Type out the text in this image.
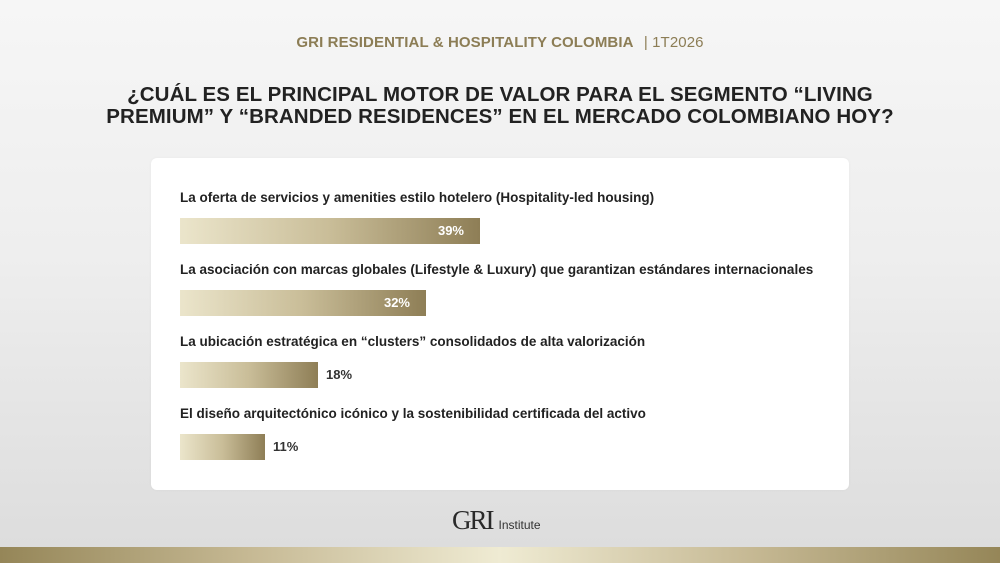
GRI RESIDENTIAL & HOSPITALITY COLOMBIA | 1T2026
¿CUÁL ES EL PRINCIPAL MOTOR DE VALOR PARA EL SEGMENTO “LIVING PREMIUM” Y “BRANDED RESIDENCES” EN EL MERCADO COLOMBIANO HOY?
La oferta de servicios y amenities estilo hotelero (Hospitality-led housing)
39%
La asociación con marcas globales (Lifestyle & Luxury) que garantizan estándares internacionales
32%
La ubicación estratégica en “clusters” consolidados de alta valorización
18%
El diseño arquitectónico icónico y la sostenibilidad certificada del activo
11%
GRI Institute
